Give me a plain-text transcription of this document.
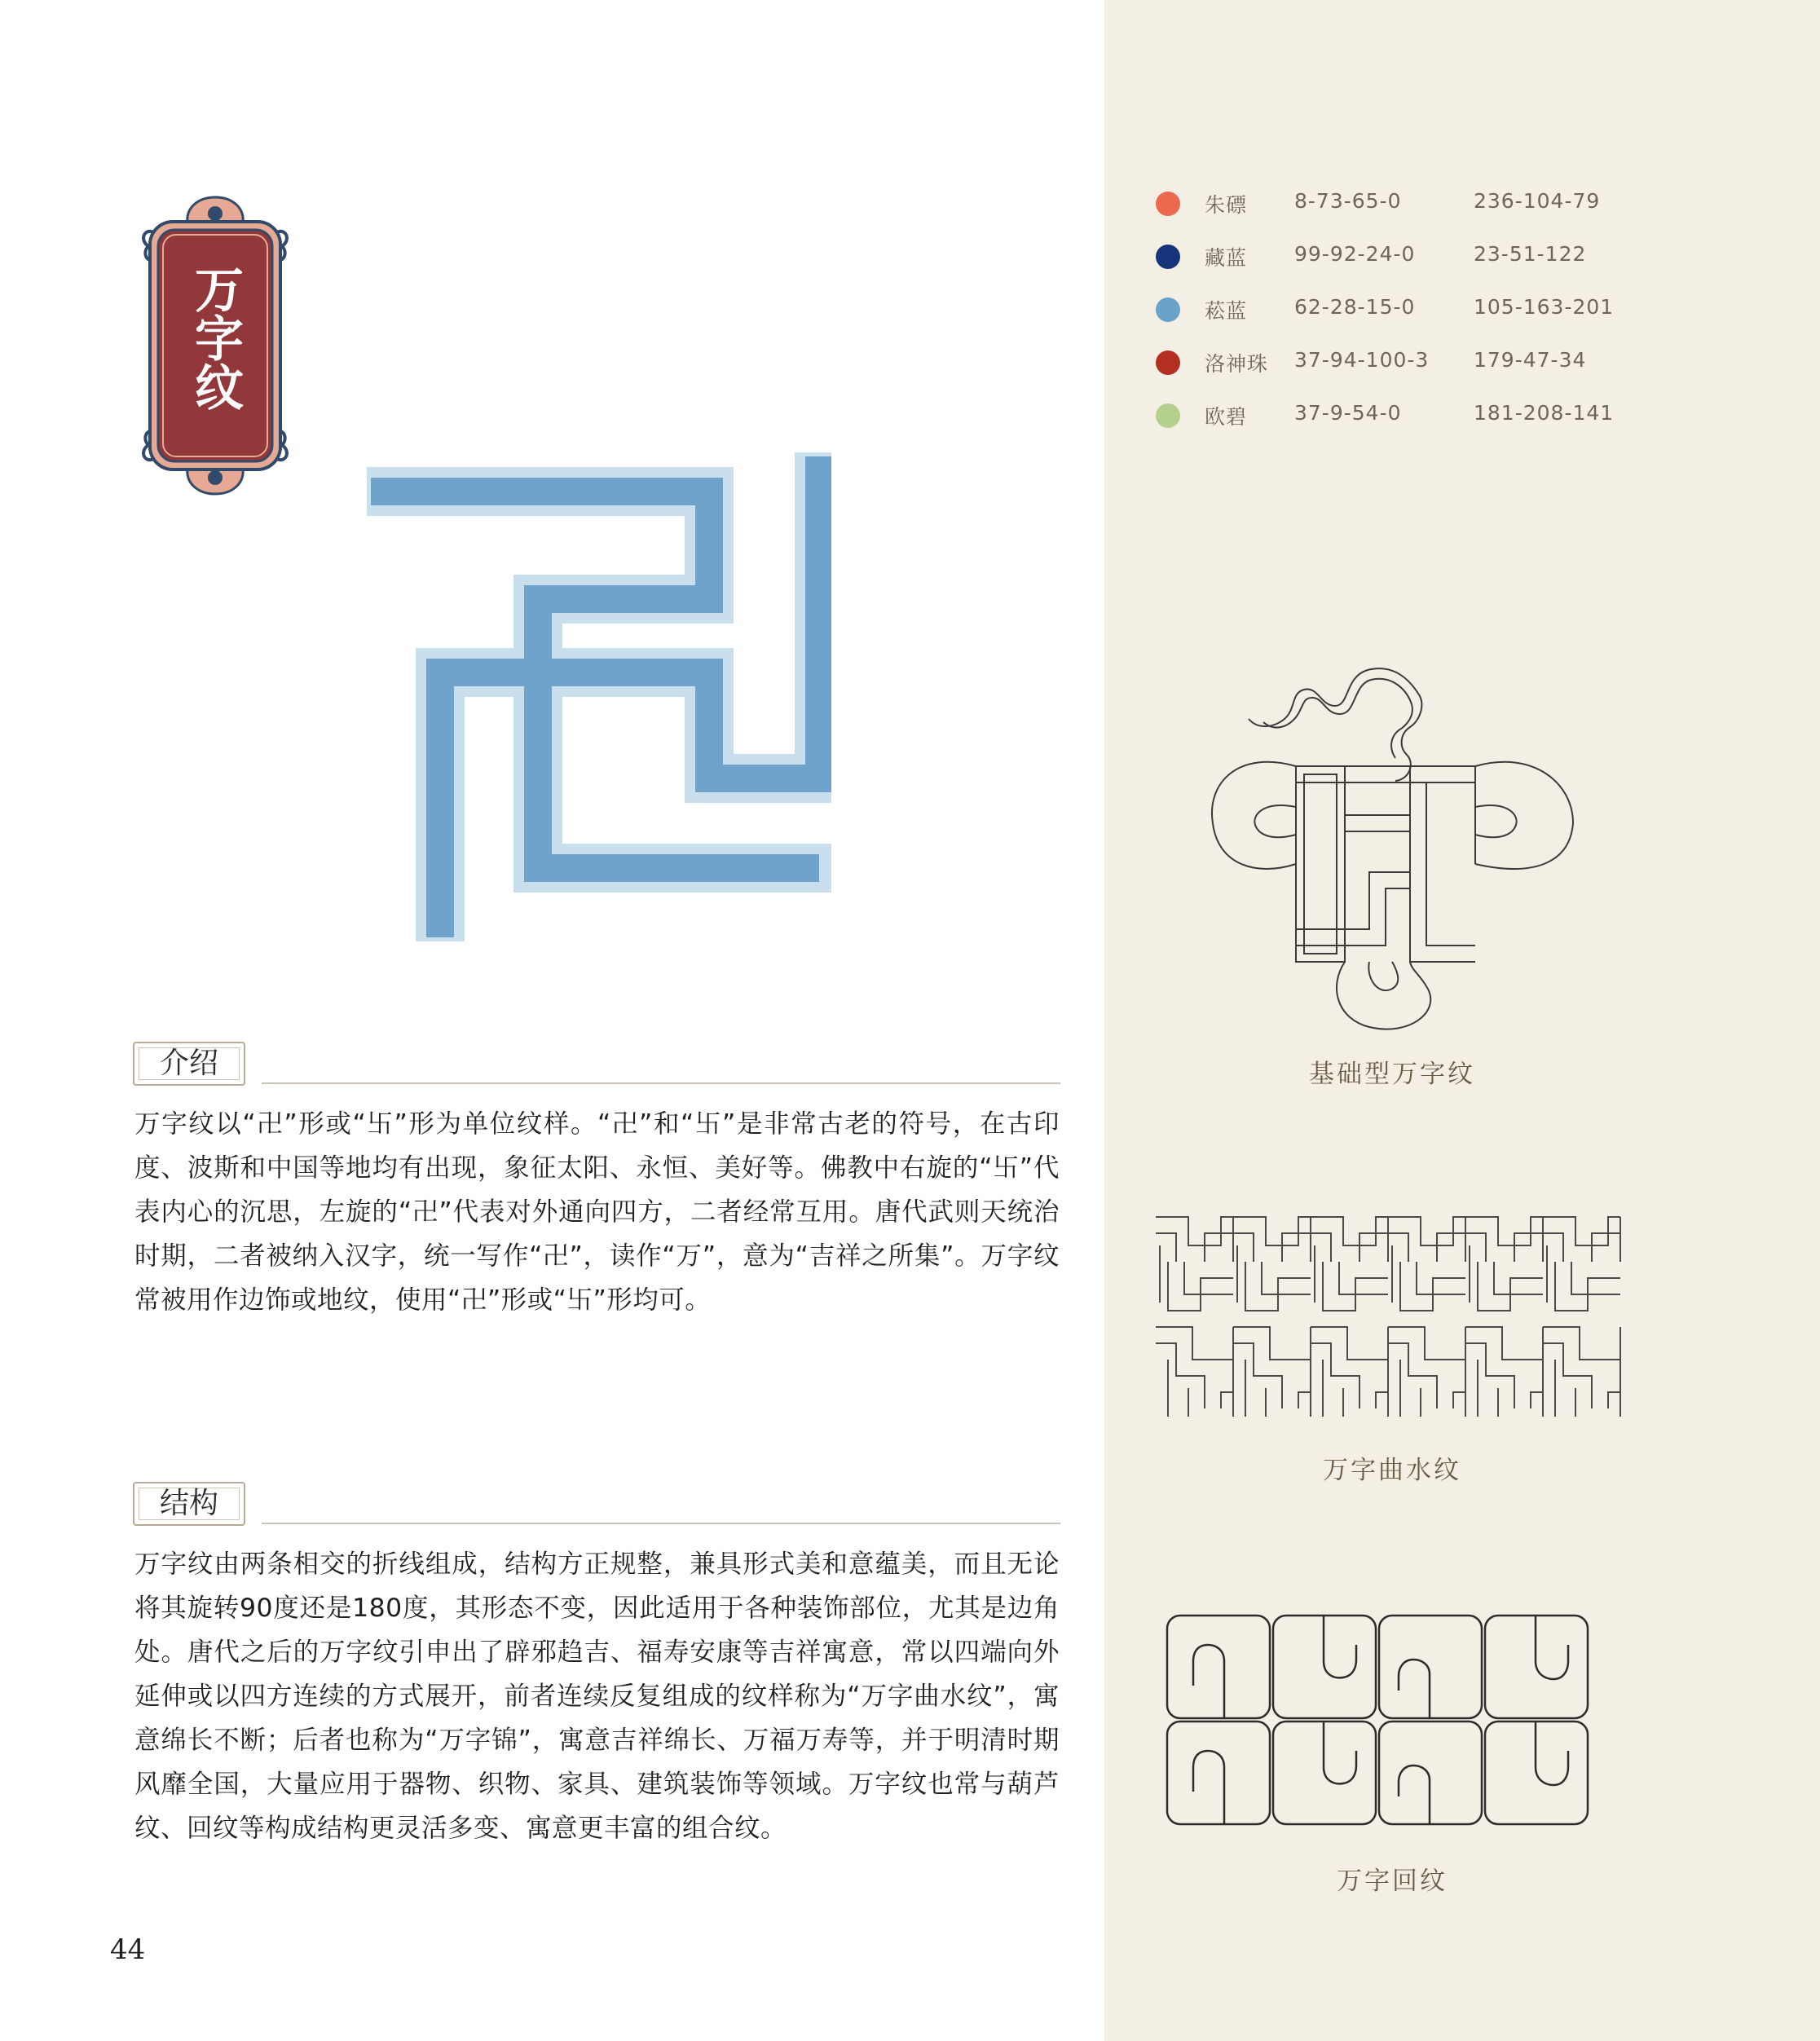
万字纹
介绍
万字纹以“卍”形或“卐”形为单位纹样。“卍”和“卐”是非常古老的符号，在古印度、波斯和中国等地均有出现，象征太阳、永恒、美好等。佛教中右旋的“卐”代表内心的沉思，左旋的“卍”代表对外通向四方，二者经常互用。唐代武则天统治时期，二者被纳入汉字，统一写作“卍”，读作“万”，意为“吉祥之所集”。万字纹常被用作边饰或地纹，使用“卍”形或“卐”形均可。
结构
万字纹由两条相交的折线组成，结构方正规整，兼具形式美和意蕴美，而且无论将其旋转90度还是180度，其形态不变，因此适用于各种装饰部位，尤其是边角处。唐代之后的万字纹引申出了辟邪趋吉、福寿安康等吉祥寓意，常以四端向外延伸或以四方连续的方式展开，前者连续反复组成的纹样称为“万字曲水纹”，寓意绵长不断；后者也称为“万字锦”，寓意吉祥绵长、万福万寿等，并于明清时期风靡全国，大量应用于器物、织物、家具、建筑装饰等领域。万字纹也常与葫芦纹、回纹等构成结构更灵活多变、寓意更丰富的组合纹。
44
朱磦 8-73-65-0	236-104-79
藏蓝 99-92-24-0	23-51-122
菘蓝 62-28-15-0	105-163-201
洛神珠 37-94-100-3 179-47-34
欧碧 37-9-54-0	181-208-141
基础型万字纹
万字曲水纹
万字回纹
